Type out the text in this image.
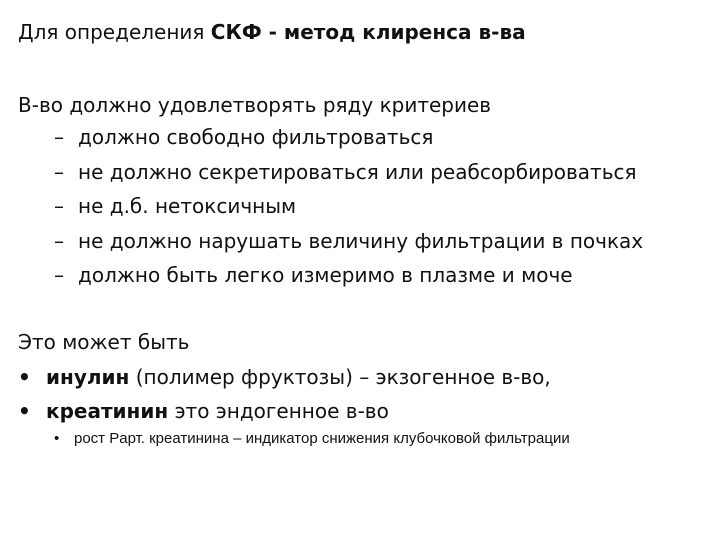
Для определения СКФ - метод клиренса в-ва
В-во должно удовлетворять ряду критериев
– должно свободно фильтроваться
– не должно секретироваться или реабсорбироваться
– не д.б. нетоксичным
– не должно нарушать величину фильтрации в почках
– должно быть легко измеримо в плазме и моче
Это может быть
• инулин (полимер фруктозы) – экзогенное в-во,
• креатинин это эндогенное в-во
• рост Pарт. креатинина – индикатор снижения клубочковой фильтрации
